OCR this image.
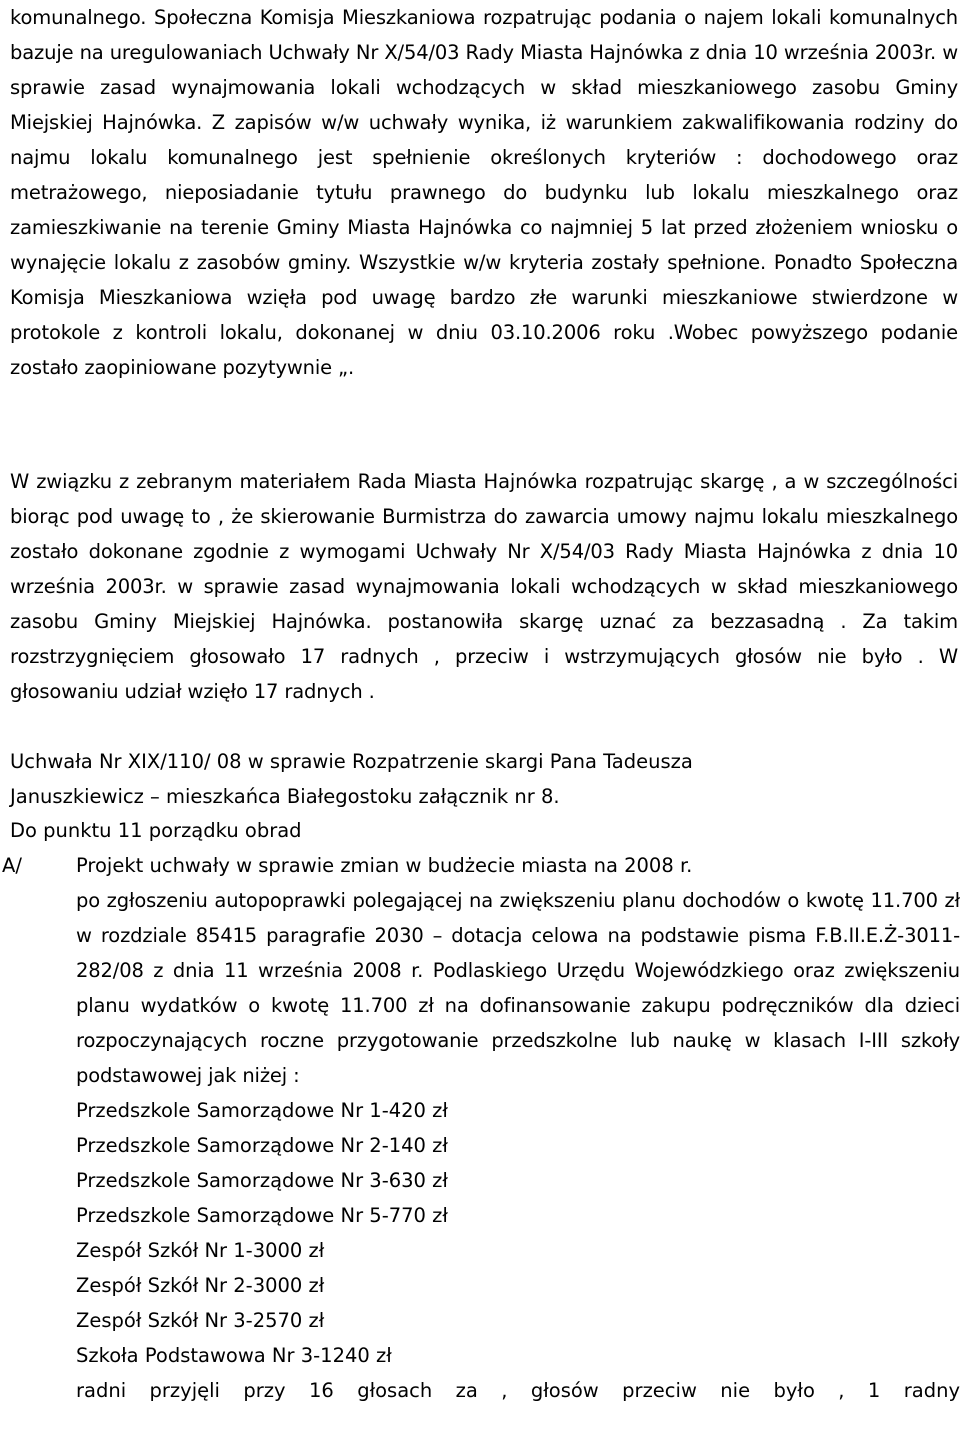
komunalnego. Społeczna Komisja Mieszkaniowa rozpatrując podania o najem lokali komunalnych bazuje na uregulowaniach Uchwały Nr X/54/03 Rady Miasta Hajnówka z dnia 10 września 2003r. w sprawie zasad wynajmowania lokali wchodzących w skład mieszkaniowego zasobu Gminy Miejskiej Hajnówka. Z zapisów w/w uchwały wynika, iż warunkiem zakwalifikowania rodziny do najmu lokalu komunalnego jest spełnienie określonych kryteriów : dochodowego oraz metrażowego, nieposiadanie tytułu prawnego do budynku lub lokalu mieszkalnego oraz zamieszkiwanie na terenie Gminy Miasta Hajnówka co najmniej 5 lat przed złożeniem wniosku o wynajęcie lokalu z zasobów gminy. Wszystkie w/w kryteria zostały spełnione. Ponadto Społeczna Komisja Mieszkaniowa wzięła pod uwagę bardzo złe warunki mieszkaniowe stwierdzone w protokole z kontroli lokalu, dokonanej w dniu 03.10.2006 roku .Wobec powyższego podanie zostało zaopiniowane pozytywnie „.

W związku z zebranym materiałem Rada Miasta Hajnówka rozpatrując skargę , a w szczególności biorąc pod uwagę to , że skierowanie Burmistrza do zawarcia umowy najmu lokalu mieszkalnego zostało dokonane zgodnie z wymogami Uchwały Nr X/54/03 Rady Miasta Hajnówka z dnia 10 września 2003r. w sprawie zasad wynajmowania lokali wchodzących w skład mieszkaniowego zasobu Gminy Miejskiej Hajnówka. postanowiła skargę uznać za bezzasadną . Za takim rozstrzygnięciem głosowało 17 radnych , przeciw i wstrzymujących głosów nie było . W głosowaniu udział wzięło 17 radnych .

Uchwała Nr XIX/110/ 08 w sprawie Rozpatrzenie skargi Pana Tadeusza
Januszkiewicz – mieszkańca Białegostoku załącznik nr 8.
Do punktu 11 porządku obrad
A/	Projekt uchwały w sprawie zmian w budżecie miasta na 2008 r.

po zgłoszeniu autopoprawki polegającej na zwiększeniu planu dochodów o kwotę 11.700 zł w rozdziale 85415 paragrafie 2030 – dotacja celowa na podstawie pisma F.B.II.E.Ż-3011-282/08 z dnia 11 września 2008 r. Podlaskiego Urzędu Wojewódzkiego oraz zwiększeniu planu wydatków o kwotę 11.700 zł na dofinansowanie zakupu podręczników dla dzieci rozpoczynających roczne przygotowanie przedszkolne lub naukę w klasach I-III szkoły podstawowej jak niżej :

Przedszkole Samorządowe Nr 1-420 zł

Przedszkole Samorządowe Nr 2-140 zł

Przedszkole Samorządowe Nr 3-630 zł

Przedszkole Samorządowe Nr 5-770 zł

Zespół Szkół Nr 1-3000 zł

Zespół Szkół Nr 2-3000 zł

Zespół Szkół Nr 3-2570 zł

Szkoła Podstawowa Nr 3-1240 zł

radni przyjęli przy 16 głosach za , głosów przeciw nie było , 1 radny
